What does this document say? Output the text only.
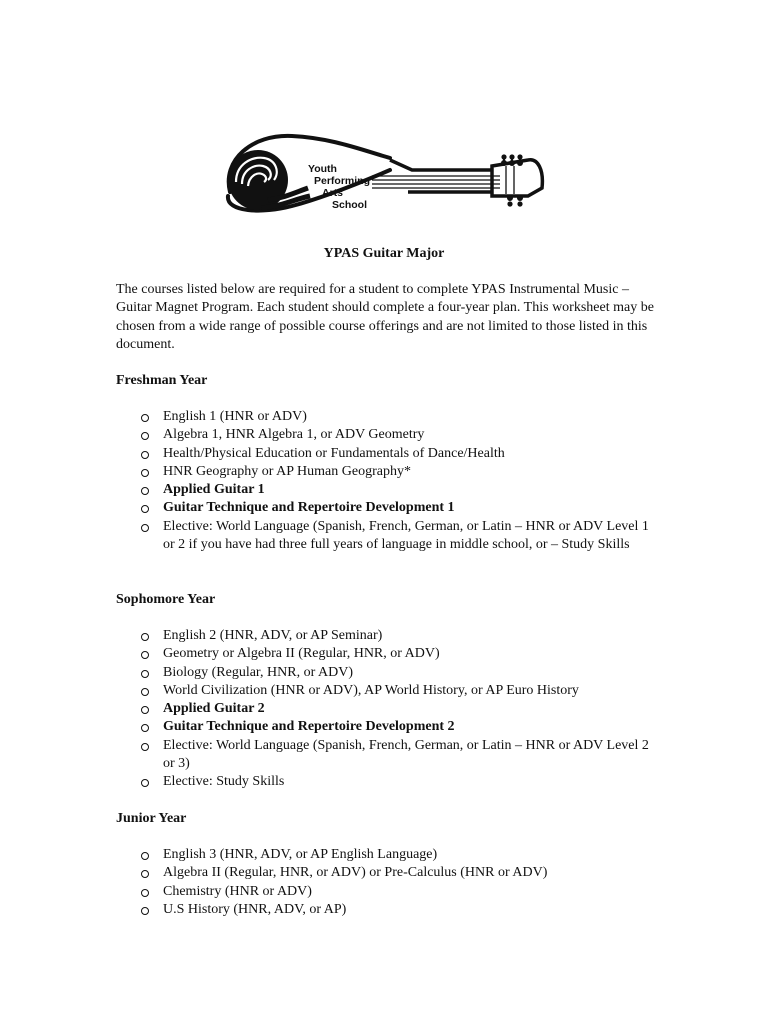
Youth
Performing
Arts
School
YPAS Guitar Major

The courses listed below are required for a student to complete YPAS Instrumental Music – Guitar Magnet Program. Each student should complete a four-year plan. This worksheet may be chosen from a wide range of possible course offerings and are not limited to those listed in this document.

Freshman Year
English 1 (HNR or ADV)
Algebra 1, HNR Algebra 1, or ADV Geometry
Health/Physical Education or Fundamentals of Dance/Health
HNR Geography or AP Human Geography*
Applied Guitar 1
Guitar Technique and Repertoire Development 1
Elective: World Language (Spanish, French, German, or Latin – HNR or ADV Level 1 or 2 if you have had three full years of language in middle school, or – Study Skills
Sophomore Year
English 2 (HNR, ADV, or AP Seminar)
Geometry or Algebra II (Regular, HNR, or ADV)
Biology (Regular, HNR, or ADV)
World Civilization (HNR or ADV), AP World History, or AP Euro History
Applied Guitar 2
Guitar Technique and Repertoire Development 2
Elective: World Language (Spanish, French, German, or Latin – HNR or ADV Level 2 or 3)
Elective: Study Skills
Junior Year
English 3 (HNR, ADV, or AP English Language)
Algebra II (Regular, HNR, or ADV) or Pre-Calculus (HNR or ADV)
Chemistry (HNR or ADV)
U.S History (HNR, ADV, or AP)
